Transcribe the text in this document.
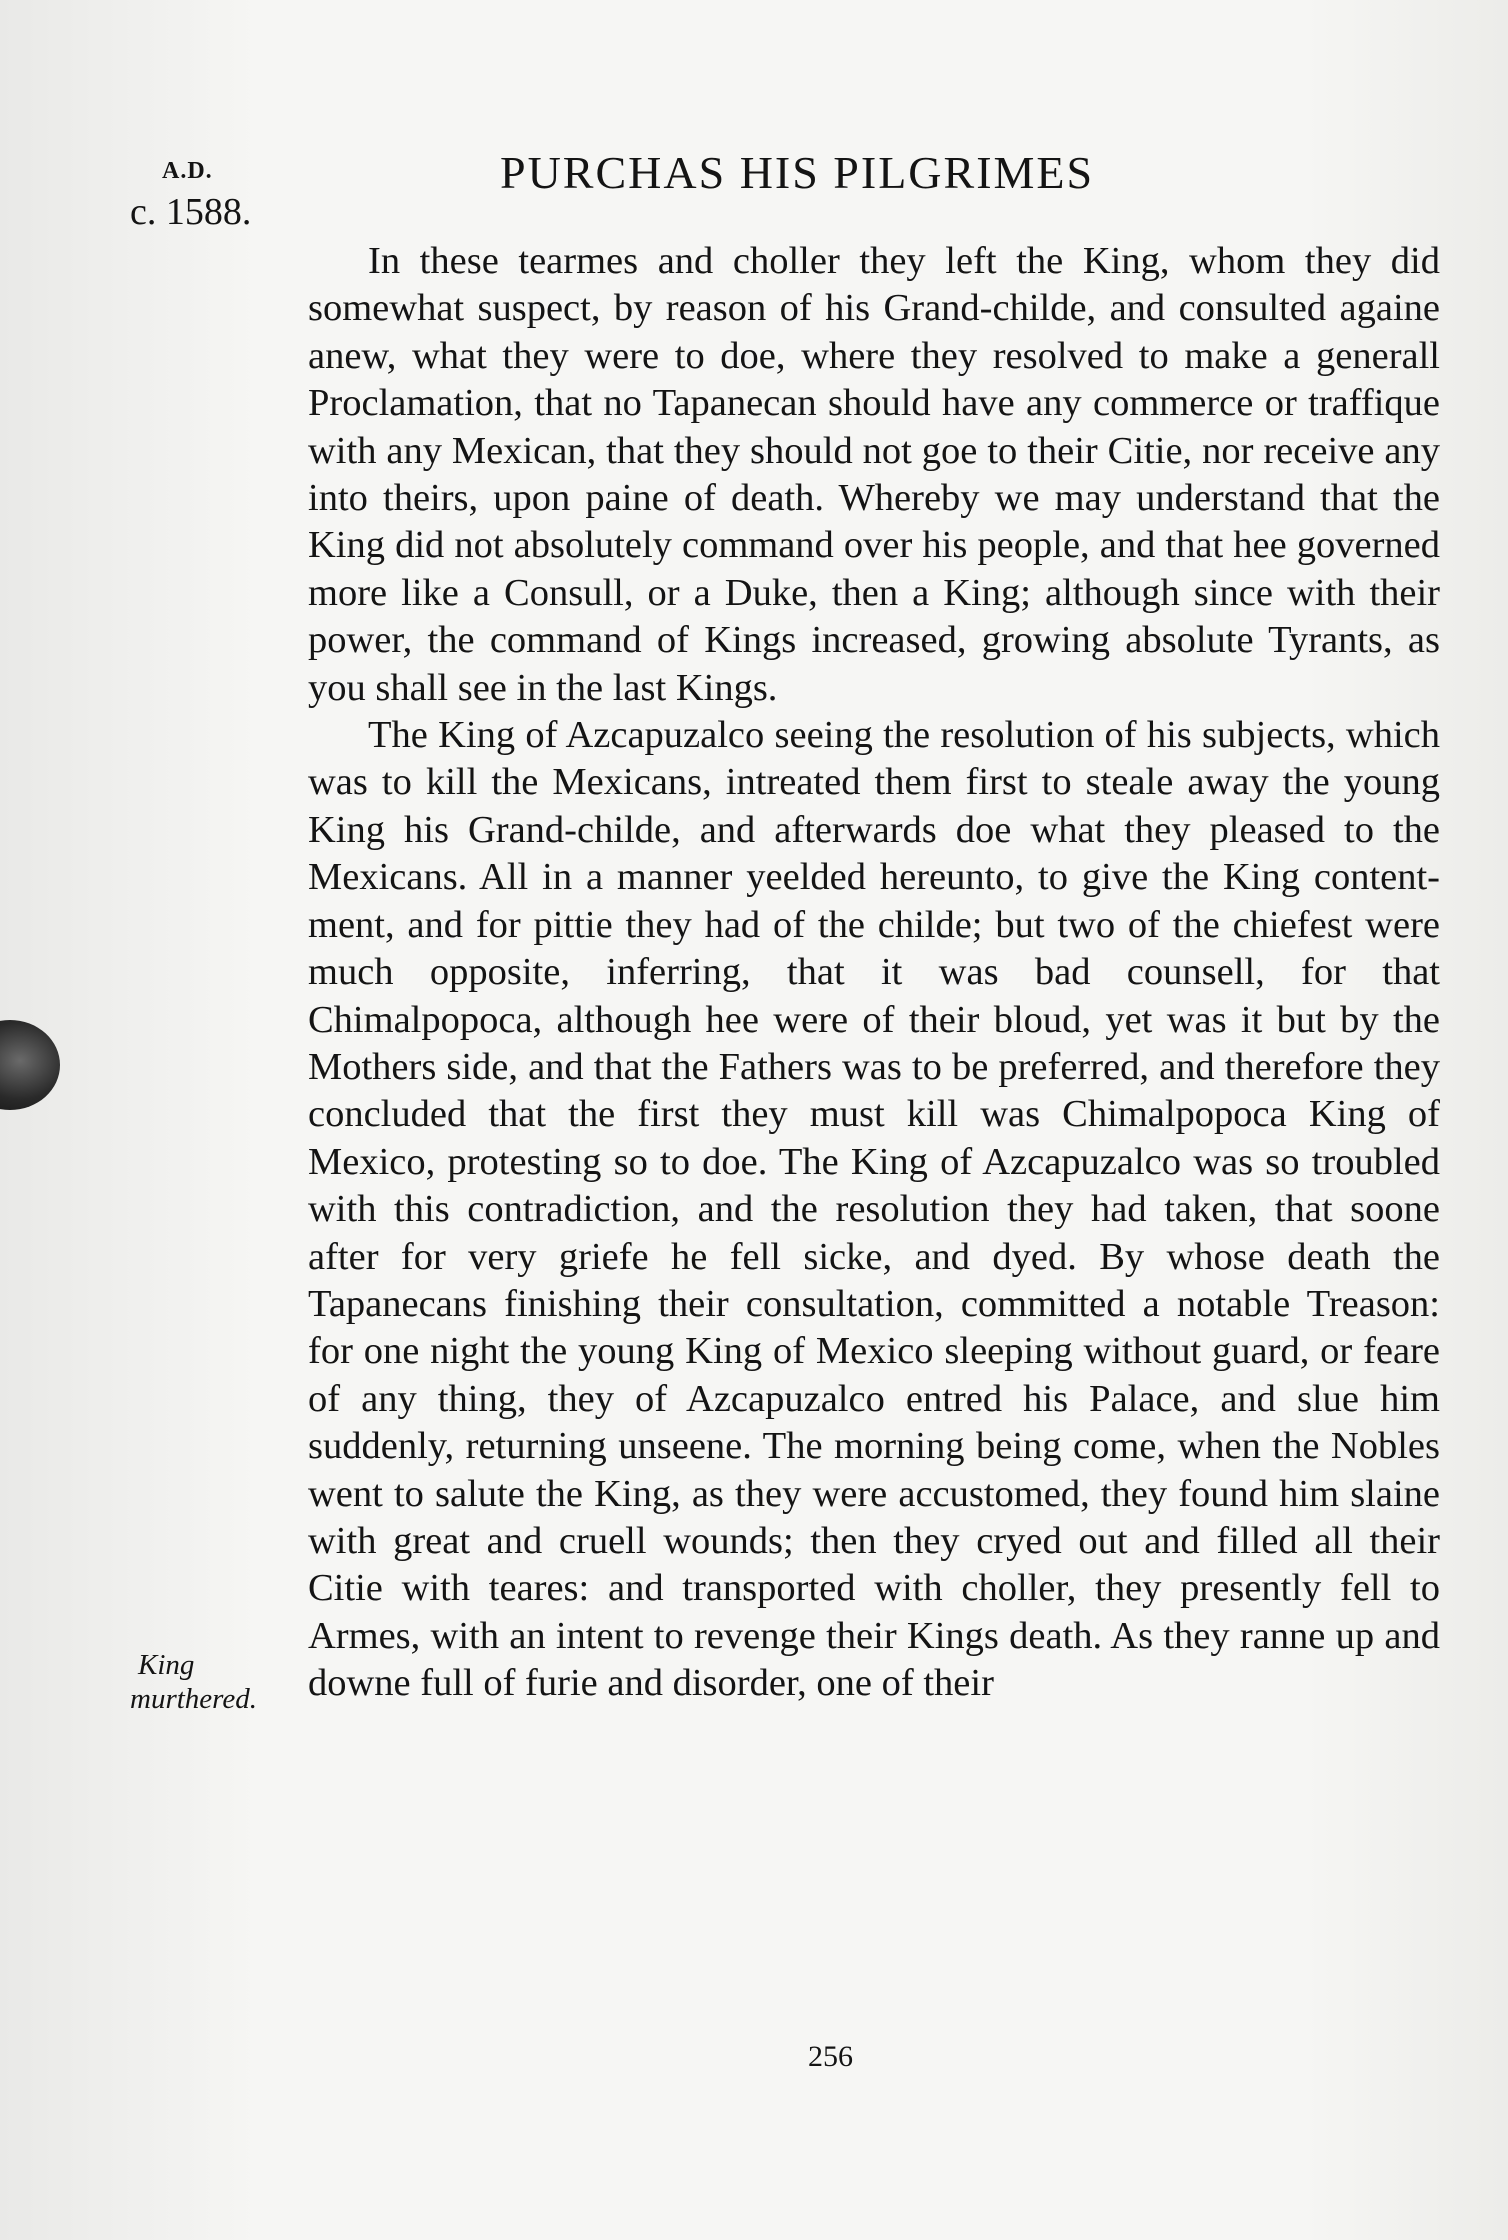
A.D.
c. 1588.
PURCHAS HIS PILGRIMES

In these tearmes and choller they left the King, whom they did somewhat suspect, by reason of his Grand-childe, and consulted againe anew, what they were to doe, where they resolved to make a generall Proclamation, that no Tapanecan should have any commerce or traffique with any Mexican, that they should not goe to their Citie, nor receive any into theirs, upon paine of death. Whereby we may understand that the King did not absolutely command over his people, and that hee governed more like a Consull, or a Duke, then a King; although since with their power, the command of Kings increased, growing absolute Tyrants, as you shall see in the last Kings.

The King of Azcapuzalco seeing the resolution of his subjects, which was to kill the Mexicans, intreated them first to steale away the young King his Grand-childe, and afterwards doe what they pleased to the Mexicans. All in a manner yeelded hereunto, to give the King contentment, and for pittie they had of the childe; but two of the chiefest were much opposite, inferring, that it was bad counsell, for that Chimalpopoca, although hee were of their bloud, yet was it but by the Mothers side, and that the Fathers was to be preferred, and therefore they concluded that the first they must kill was Chimalpopoca King of Mexico, protesting so to doe. The King of Azcapuzalco was so troubled with this contradiction, and the resolution they had taken, that soone after for very griefe he fell sicke, and dyed. By whose death the Tapanecans finishing their consultation, committed a notable Treason: for one night the young King of Mexico sleeping without guard, or feare of any thing, they of Azcapuzalco entred his Palace, and slue him suddenly, returning unseene. The morning being come, when the Nobles went to salute the King, as they were accustomed, they found him slaine with great and cruell wounds; then they cryed out and filled all their Citie with teares: and transported with choller, they presently fell to Armes, with an intent to revenge their Kings death. As they ranne up and downe full of furie and disorder, one of their

King
murthered.
256
